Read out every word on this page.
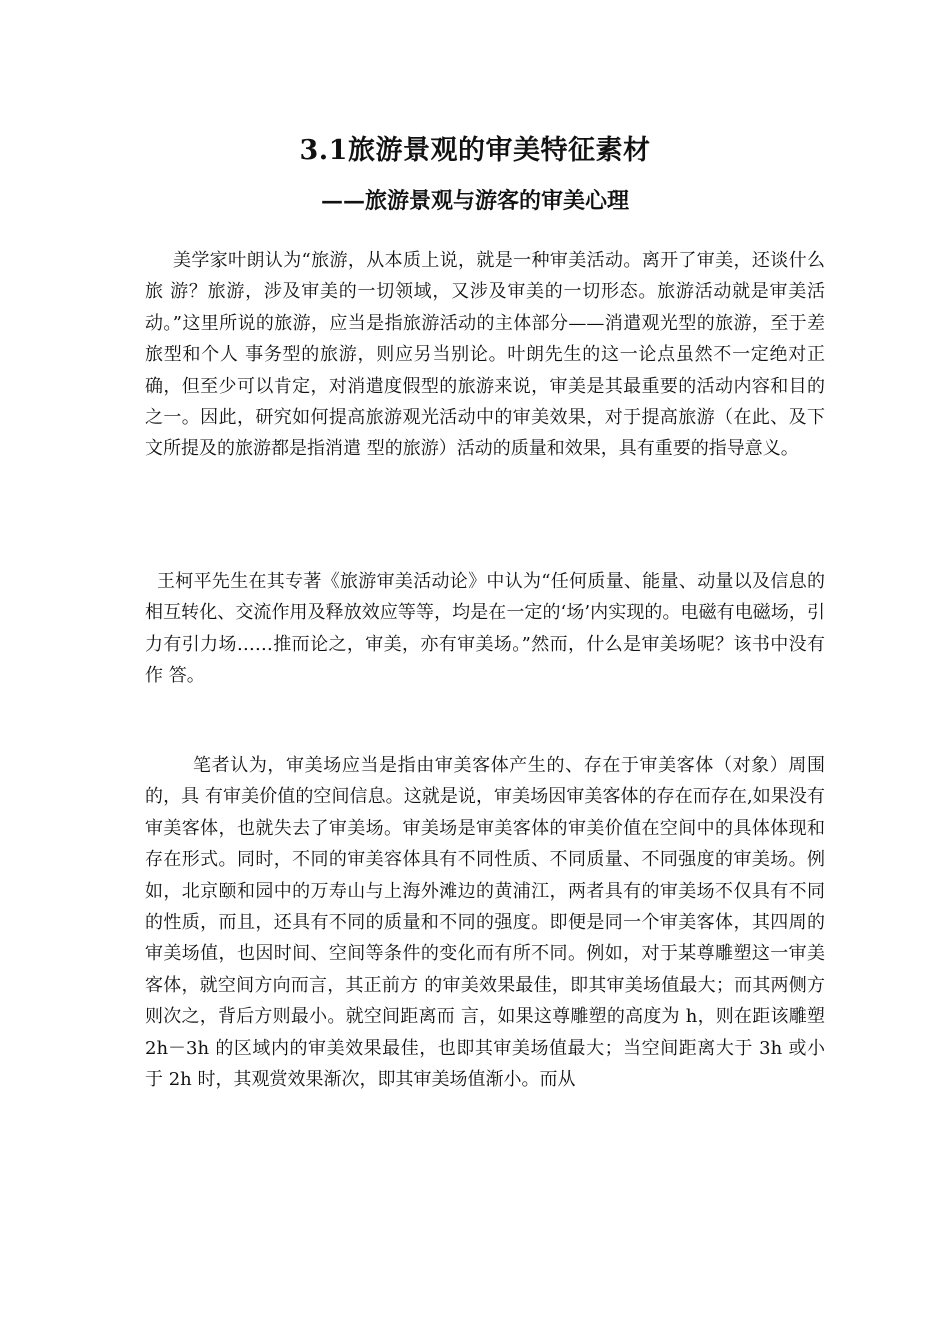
3.1旅游景观的审美特征素材
——旅游景观与游客的审美心理

美学家叶朗认为“旅游，从本质上说，就是一种审美活动。离开了审美，还谈什么旅 游？旅游，涉及审美的一切领域，又涉及审美的一切形态。旅游活动就是审美活动。”这里所说的旅游，应当是指旅游活动的主体部分——消遣观光型的旅游，至于差旅型和个人 事务型的旅游，则应另当别论。叶朗先生的这一论点虽然不一定绝对正确，但至少可以肯定，对消遣度假型的旅游来说，审美是其最重要的活动内容和目的之一。因此，研究如何提高旅游观光活动中的审美效果，对于提高旅游（在此、及下文所提及的旅游都是指消遣 型的旅游）活动的质量和效果，具有重要的指导意义。

王柯平先生在其专著《旅游审美活动论》中认为“任何质量、能量、动量以及信息的 相互转化、交流作用及释放效应等等，均是在一定的‘场’内实现的。电磁有电磁场，引 力有引力场……推而论之，审美，亦有审美场。”然而，什么是审美场呢？该书中没有作 答。

笔者认为，审美场应当是指由审美客体产生的、存在于审美客体（对象）周围的，具 有审美价值的空间信息。这就是说，审美场因审美客体的存在而存在,如果没有审美客体，也就失去了审美场。审美场是审美客体的审美价值在空间中的具体体现和存在形式。同时，不同的审美容体具有不同性质、不同质量、不同强度的审美场。例如，北京颐和园中的万寿山与上海外滩边的黄浦江，两者具有的审美场不仅具有不同的性质，而且，还具有不同的质量和不同的强度。即便是同一个审美客体，其四周的审美场值，也因时间、空间等条件的变化而有所不同。例如，对于某尊雕塑这一审美客体，就空间方向而言，其正前方 的审美效果最佳，即其审美场值最大；而其两侧方则次之，背后方则最小。就空间距离而 言，如果这尊雕塑的高度为 h，则在距该雕塑 2h－3h 的区域内的审美效果最佳，也即其审美场值最大；当空间距离大于 3h 或小于 2h 时，其观赏效果渐次，即其审美场值渐小。而从
